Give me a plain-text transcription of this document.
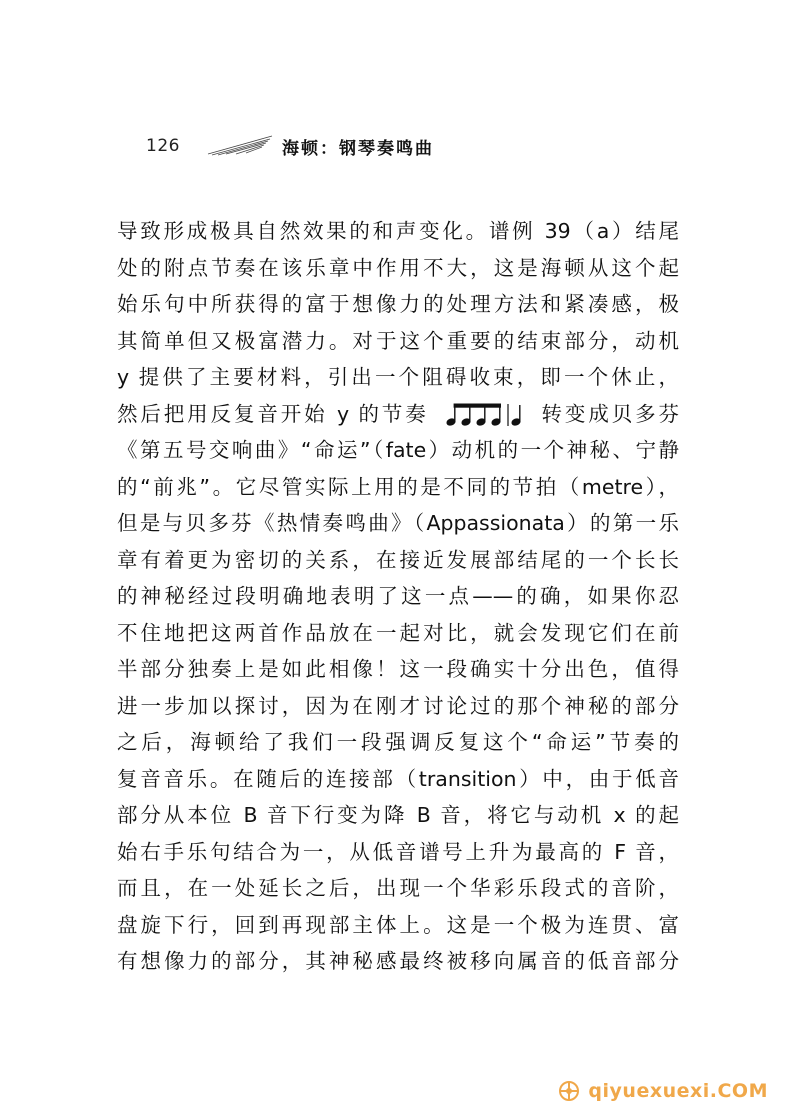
126	海顿：钢琴奏鸣曲
导致形成极具自然效果的和声变化。谱例 39（a）结尾
处的附点节奏在该乐章中作用不大，这是海顿从这个起
始乐句中所获得的富于想像力的处理方法和紧凑感，极
其简单但又极富潜力。对于这个重要的结束部分，动机
y 提供了主要材料，引出一个阻碍收束，即一个休止，
然后把用反复音开始 y 的节奏	转变成贝多芬
《第五号交响曲》“命运”（fate）动机的一个神秘、宁静
的“前兆”。它尽管实际上用的是不同的节拍（metre），
但是与贝多芬《热情奏鸣曲》（Appassionata）的第一乐
章有着更为密切的关系，在接近发展部结尾的一个长长
的神秘经过段明确地表明了这一点——的确，如果你忍
不住地把这两首作品放在一起对比，就会发现它们在前
半部分独奏上是如此相像！这一段确实十分出色，值得
进一步加以探讨，因为在刚才讨论过的那个神秘的部分
之后，海顿给了我们一段强调反复这个“命运”节奏的
复音音乐。在随后的连接部（transition）中，由于低音
部分从本位 B 音下行变为降 B 音，将它与动机 x 的起
始右手乐句结合为一，从低音谱号上升为最高的 F 音，
而且，在一处延长之后，出现一个华彩乐段式的音阶，
盘旋下行，回到再现部主体上。这是一个极为连贯、富
有想像力的部分，其神秘感最终被移向属音的低音部分
qiyuexuexi.COM
